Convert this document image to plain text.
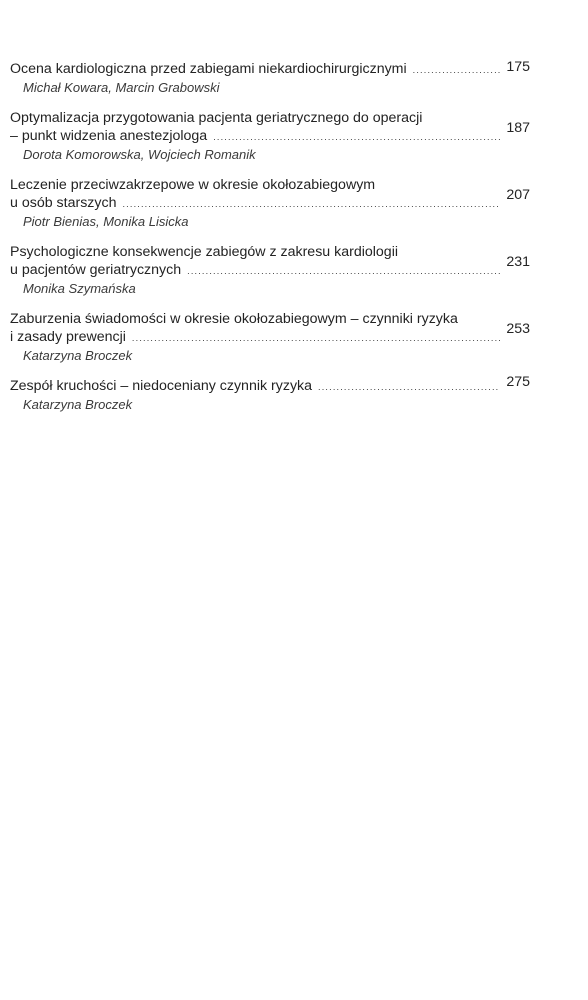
Ocena kardiologiczna przed zabiegami niekardiochirurgicznymi .....	175
Michał Kowara, Marcin Grabowski
Optymalizacja przygotowania pacjenta geriatrycznego do operacji
– punkt widzenia anestezjologa .....	187
Dorota Komorowska, Wojciech Romanik
Leczenie przeciwzakrzepowe w okresie okołozabiegowym
u osób starszych .....	207
Piotr Bienias, Monika Lisicka
Psychologiczne konsekwencje zabiegów z zakresu kardiologii
u pacjentów geriatrycznych .....	231
Monika Szymańska
Zaburzenia świadomości w okresie okołozabiegowym – czynniki ryzyka
i zasady prewencji .....	253
Katarzyna Broczek
Zespół kruchości – niedoceniany czynnik ryzyka .....	275
Katarzyna Broczek
